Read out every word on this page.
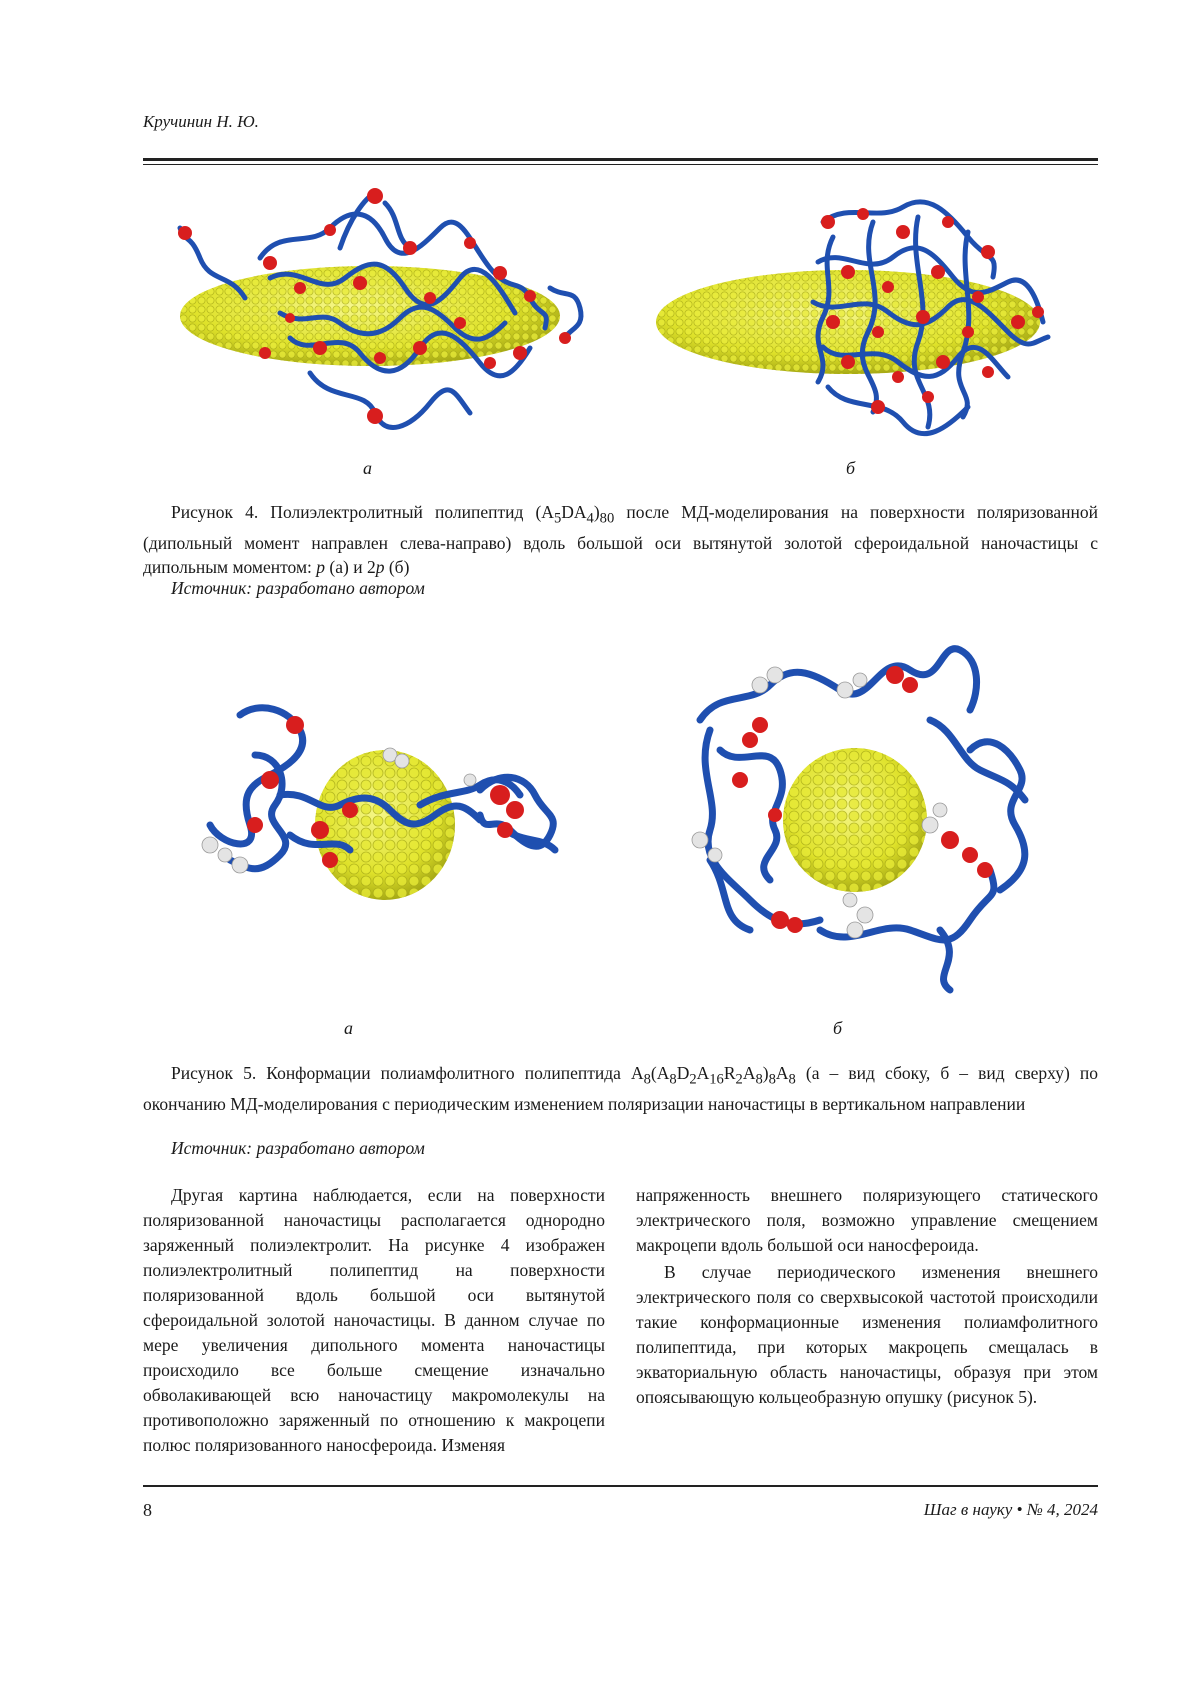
Кручинин Н. Ю.
а	б
Рисунок 4. Полиэлектролитный полипептид $(A_5DA_4)_{80}$ после МД-моделирования на поверхности поляризованной (дипольный момент направлен слева-направо) вдоль большой оси вытянутой золотой сфероидальной наночастицы с дипольным моментом: p (а) и 2p (б)
Источник: разработано автором
а	б
Рисунок 5. Конформации полиамфолитного полипептида $A_8(A_8D_2A_{16}R_2A_8)_8A_8$ (а – вид сбоку, б – вид сверху) по окончанию МД-моделирования с периодическим изменением поляризации наночастицы в вертикальном направлении
Источник: разработано автором

Другая картина наблюдается, если на поверхности поляризованной наночастицы располагается однородно заряженный полиэлектролит. На рисунке 4 изображен полиэлектролитный полипептид на поверхности поляризованной вдоль большой оси вытянутой сфероидальной золотой наночастицы. В данном случае по мере увеличения дипольного момента наночастицы происходило все больше смещение изначально обволакивающей всю наночастицу макромолекулы на противоположно заряженный по отношению к макроцепи полюс поляризованного наносфероида. Изменяя

напряженность внешнего поляризующего статического электрического поля, возможно управление смещением макроцепи вдоль большой оси наносфероида.

В случае периодического изменения внешнего электрического поля со сверхвысокой частотой происходили такие конформационные изменения полиамфолитного полипептида, при которых макроцепь смещалась в экваториальную область наночастицы, образуя при этом опоясывающую кольцеобразную опушку (рисунок 5).

8	Шаг в науку • № 4, 2024
